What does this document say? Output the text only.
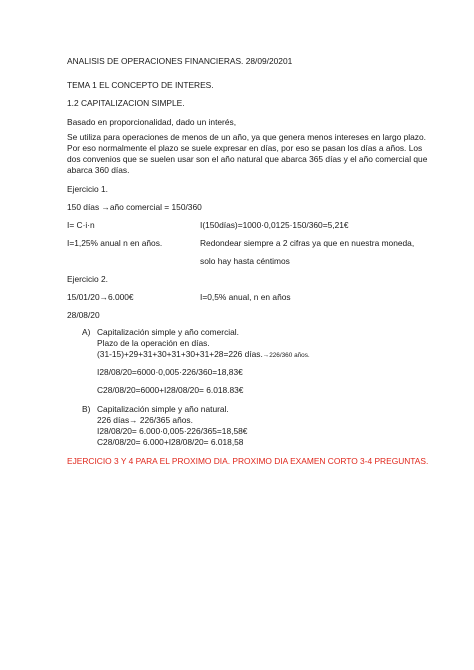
ANALISIS DE OPERACIONES FINANCIERAS. 28/09/20201
TEMA 1 EL CONCEPTO DE INTERES.
1.2 CAPITALIZACION SIMPLE.
Basado en proporcionalidad, dado un interés,
Se utiliza para operaciones de menos de un año, ya que genera menos intereses en largo plazo.
Por eso normalmente el plazo se suele expresar en días, por eso se pasan los días a años. Los
dos convenios que se suelen usar son el año natural que abarca 365 días y el año comercial que
abarca 360 días.
Ejercicio 1.
150 días →año comercial = 150/360
I= C·i·n	I(150días)=1000·0,0125·150/360=5,21€
I=1,25% anual n en años.	Redondear siempre a 2 cifras ya que en nuestra moneda,
solo hay hasta céntimos
Ejercicio 2.
15/01/20→6.000€	I=0,5% anual, n en años
28/08/20
A) Capitalización simple y año comercial.
Plazo de la operación en días.
(31-15)+29+31+30+31+30+31+28=226 días.→226/360 años.
I28/08/20=6000·0,005·226/360=18,83€
C28/08/20=6000+I28/08/20= 6.018.83€
B) Capitalización simple y año natural.
226 días→ 226/365 años.
I28/08/20= 6.000·0,005·226/365=18,58€
C28/08/20= 6.000+I28/08/20= 6.018,58
EJERCICIO 3 Y 4 PARA EL PROXIMO DIA. PROXIMO DIA EXAMEN CORTO 3-4 PREGUNTAS.
